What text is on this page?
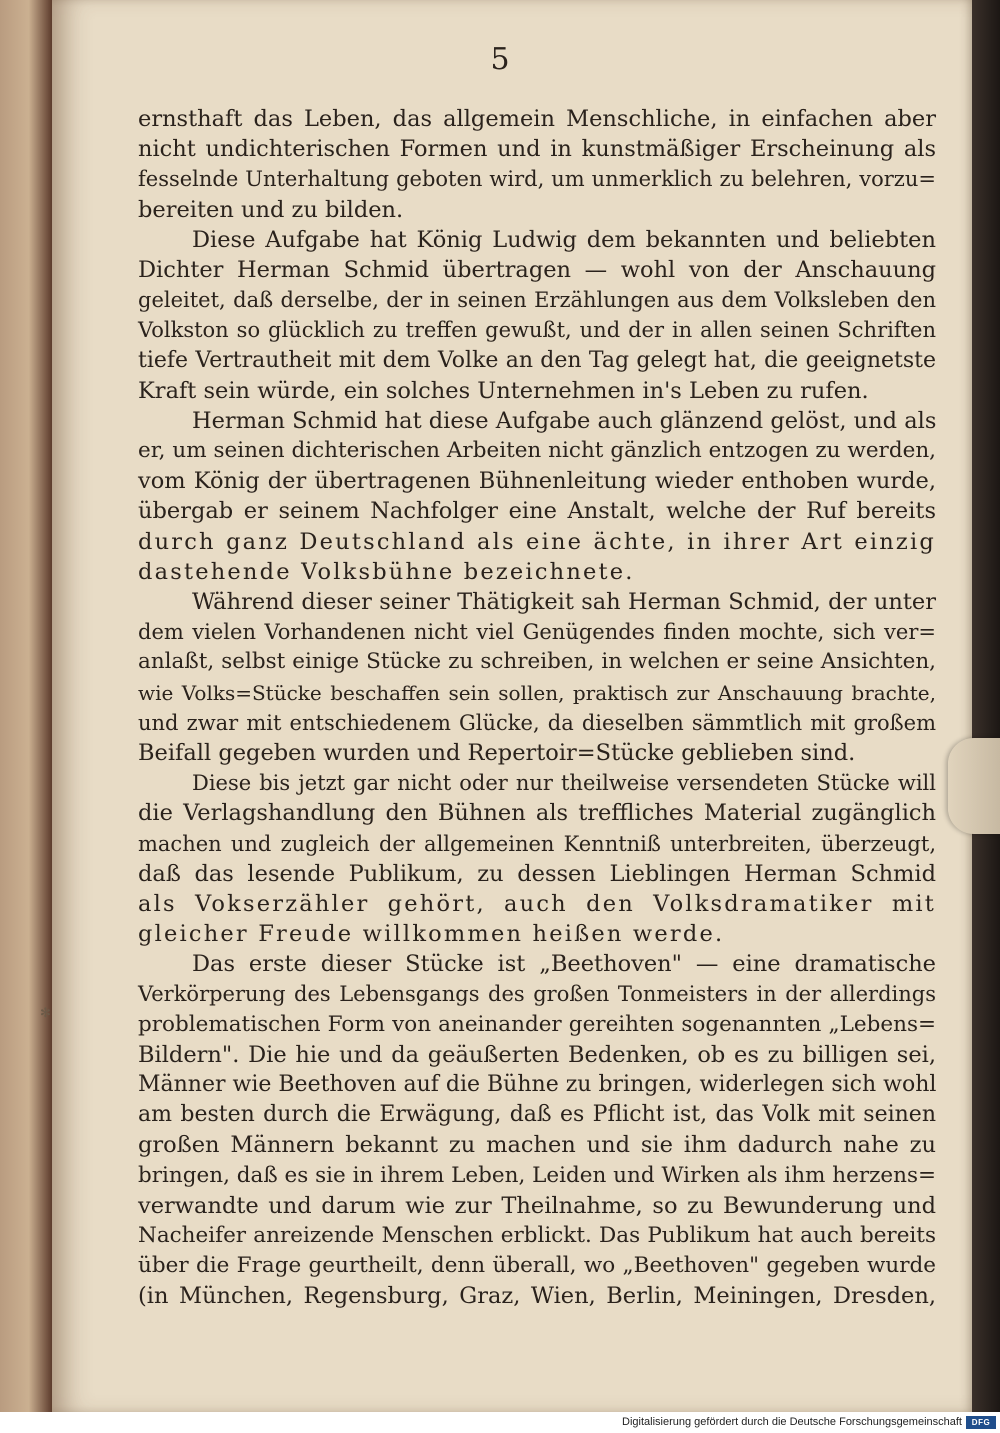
✻
5
ernsthaft das Leben, das allgemein Menschliche, in einfachen aber
nicht undichterischen Formen und in kunstmäßiger Erscheinung als
fesselnde Unterhaltung geboten wird, um unmerklich zu belehren, vorzu=
bereiten und zu bilden.
Diese Aufgabe hat König Ludwig dem bekannten und beliebten
Dichter Herman Schmid übertragen — wohl von der Anschauung
geleitet, daß derselbe, der in seinen Erzählungen aus dem Volksleben den
Volkston so glücklich zu treffen gewußt, und der in allen seinen Schriften
tiefe Vertrautheit mit dem Volke an den Tag gelegt hat, die geeignetste
Kraft sein würde, ein solches Unternehmen in's Leben zu rufen.
Herman Schmid hat diese Aufgabe auch glänzend gelöst, und als
er, um seinen dichterischen Arbeiten nicht gänzlich entzogen zu werden,
vom König der übertragenen Bühnenleitung wieder enthoben wurde,
übergab er seinem Nachfolger eine Anstalt, welche der Ruf bereits
durch ganz Deutschland als eine ächte, in ihrer Art einzig
dastehende Volksbühne bezeichnete.
Während dieser seiner Thätigkeit sah Herman Schmid, der unter
dem vielen Vorhandenen nicht viel Genügendes finden mochte, sich ver=
anlaßt, selbst einige Stücke zu schreiben, in welchen er seine Ansichten,
wie Volks=Stücke beschaffen sein sollen, praktisch zur Anschauung brachte,
und zwar mit entschiedenem Glücke, da dieselben sämmtlich mit großem
Beifall gegeben wurden und Repertoir=Stücke geblieben sind.
Diese bis jetzt gar nicht oder nur theilweise versendeten Stücke will
die Verlagshandlung den Bühnen als treffliches Material zugänglich
machen und zugleich der allgemeinen Kenntniß unterbreiten, überzeugt,
daß das lesende Publikum, zu dessen Lieblingen Herman Schmid
als Vokserzähler gehört, auch den Volksdramatiker mit
gleicher Freude willkommen heißen werde.
Das erste dieser Stücke ist „Beethoven" — eine dramatische
Verkörperung des Lebensgangs des großen Tonmeisters in der allerdings
problematischen Form von aneinander gereihten sogenannten „Lebens=
Bildern". Die hie und da geäußerten Bedenken, ob es zu billigen sei,
Männer wie Beethoven auf die Bühne zu bringen, widerlegen sich wohl
am besten durch die Erwägung, daß es Pflicht ist, das Volk mit seinen
großen Männern bekannt zu machen und sie ihm dadurch nahe zu
bringen, daß es sie in ihrem Leben, Leiden und Wirken als ihm herzens=
verwandte und darum wie zur Theilnahme, so zu Bewunderung und
Nacheifer anreizende Menschen erblickt. Das Publikum hat auch bereits
über die Frage geurtheilt, denn überall, wo „Beethoven" gegeben wurde
(in München, Regensburg, Graz, Wien, Berlin, Meiningen, Dresden,
Digitalisierung gefördert durch die Deutsche Forschungsgemeinschaft	DFG
